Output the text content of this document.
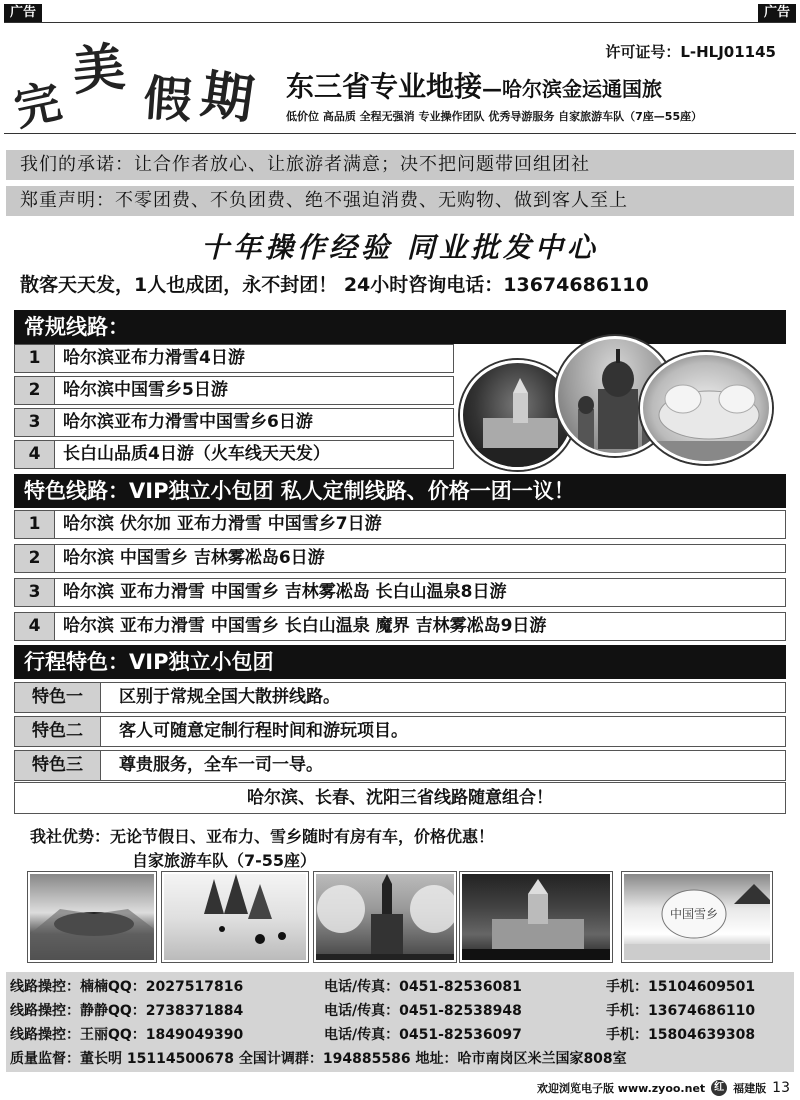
广告	广告
完
美 假 期
许可证号：L-HLJ01145
东三省专业地接—哈尔滨金运通国旅
低价位 高品质 全程无强消 专业操作团队 优秀导游服务 自家旅游车队（7座—55座）
我们的承诺：让合作者放心、让旅游者满意；决不把问题带回组团社
郑重声明：不零团费、不负团费、绝不强迫消费、无购物、做到客人至上
十年操作经验 同业批发中心
散客天天发，1人也成团，永不封团！ 24小时咨询电话：13674686110
常规线路：
1	哈尔滨亚布力滑雪4日游
2	哈尔滨中国雪乡5日游
3	哈尔滨亚布力滑雪中国雪乡6日游
4	长白山品质4日游（火车线天天发）
特色线路：VIP独立小包团 私人定制线路、价格一团一议！
1	哈尔滨 伏尔加 亚布力滑雪 中国雪乡7日游
2	哈尔滨 中国雪乡 吉林雾凇岛6日游
3	哈尔滨 亚布力滑雪 中国雪乡 吉林雾凇岛 长白山温泉8日游
4	哈尔滨 亚布力滑雪 中国雪乡 长白山温泉 魔界 吉林雾凇岛9日游
行程特色：VIP独立小包团
特色一	区别于常规全国大散拼线路。
特色二	客人可随意定制行程时间和游玩项目。
特色三	尊贵服务，全车一司一导。
哈尔滨、长春、沈阳三省线路随意组合！
我社优势：无论节假日、亚布力、雪乡随时有房有车，价格优惠！
自家旅游车队（7-55座）
中国雪乡
线路操控：楠楠QQ：2027517816	电话/传真：0451-82536081	手机：15104609501
线路操控：静静QQ：2738371884	电话/传真：0451-82538948	手机：13674686110
线路操控：王丽QQ：1849049390	电话/传真：0451-82536097	手机：15804639308
质量监督：董长明 15114500678 全国计调群：194885586 地址：哈市南岗区米兰国家808室
欢迎浏览电子版 www.zyoo.net 红 福建版 13
